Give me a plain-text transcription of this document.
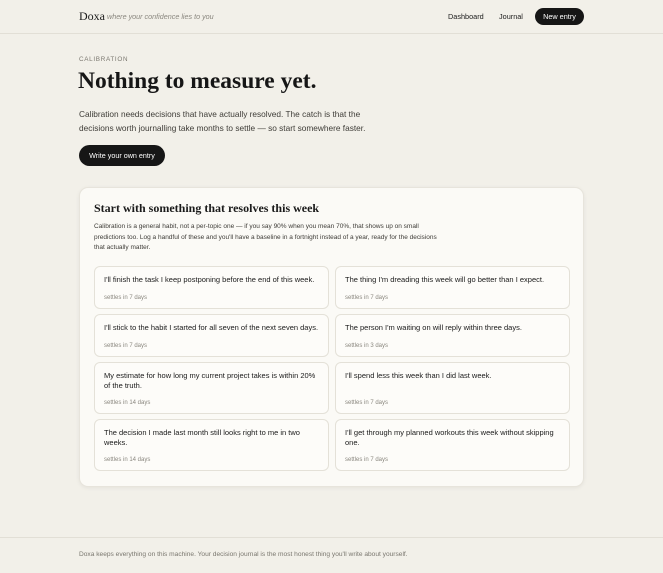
Doxa where your confidence lies to you	Dashboard Journal	New entry
CALIBRATION
Nothing to measure yet.

Calibration needs decisions that have actually resolved. The catch is that the decisions worth journalling take months to settle — so start somewhere faster.

Write your own entry
Start with something that resolves this week

Calibration is a general habit, not a per-topic one — if you say 90% when you mean 70%, that shows up on small predictions too. Log a handful of these and you'll have a baseline in a fortnight instead of a year, ready for the decisions that actually matter.

I'll finish the task I keep postponing before the end of this week.
settles in 7 days
The thing I'm dreading this week will go better than I expect.
settles in 7 days
I'll stick to the habit I started for all seven of the next seven days.
settles in 7 days
The person I'm waiting on will reply within three days.
settles in 3 days
My estimate for how long my current project takes is within 20% of the truth.
settles in 14 days
I'll spend less this week than I did last week.
settles in 7 days
The decision I made last month still looks right to me in two weeks.
settles in 14 days
I'll get through my planned workouts this week without skipping one.
settles in 7 days
Doxa keeps everything on this machine. Your decision journal is the most honest thing you'll write about yourself.
